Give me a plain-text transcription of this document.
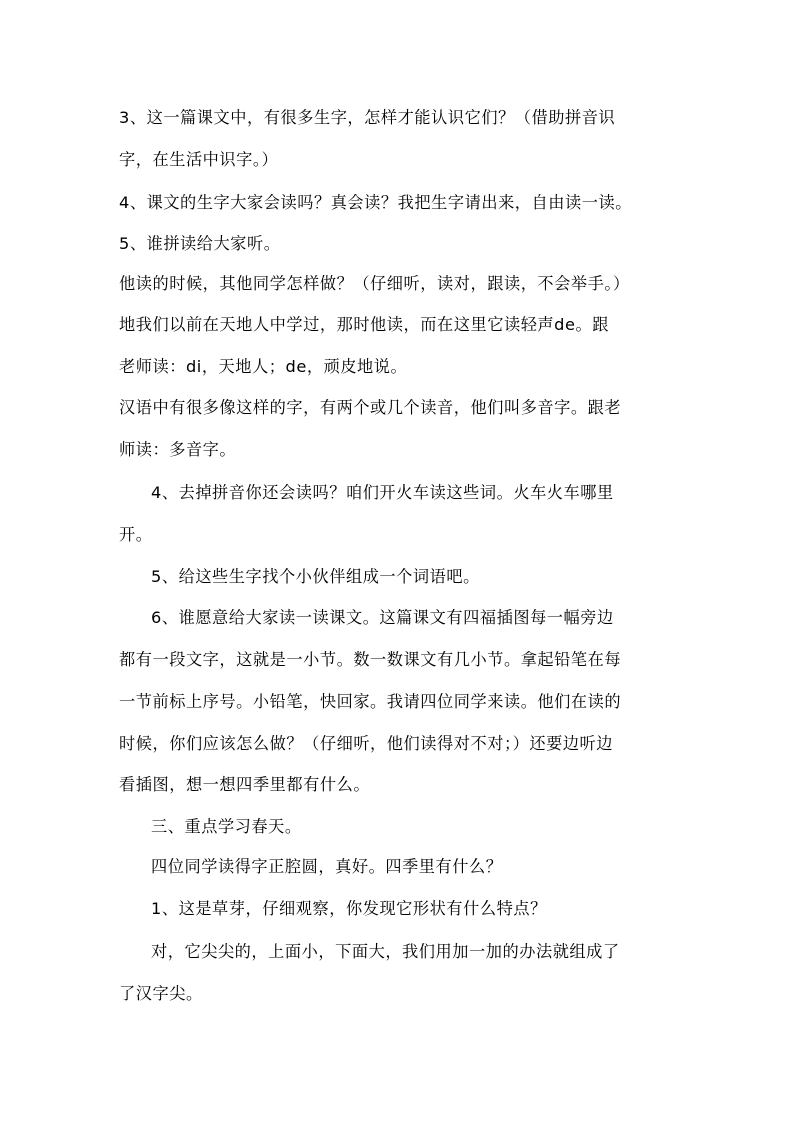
3、这一篇课文中，有很多生字，怎样才能认识它们？（借助拼音识
字，在生活中识字。）
4、课文的生字大家会读吗？真会读？我把生字请出来，自由读一读。
5、谁拼读给大家听。
他读的时候，其他同学怎样做？（仔细听，读对，跟读，不会举手。）
地我们以前在天地人中学过，那时他读，而在这里它读轻声de。跟
老师读：di，天地人；de，顽皮地说。
汉语中有很多像这样的字，有两个或几个读音，他们叫多音字。跟老
师读：多音字。
4、去掉拼音你还会读吗？咱们开火车读这些词。火车火车哪里
开。
5、给这些生字找个小伙伴组成一个词语吧。
6、谁愿意给大家读一读课文。这篇课文有四福插图每一幅旁边
都有一段文字，这就是一小节。数一数课文有几小节。拿起铅笔在每
一节前标上序号。小铅笔，快回家。我请四位同学来读。他们在读的
时候，你们应该怎么做？（仔细听，他们读得对不对；）还要边听边
看插图，想一想四季里都有什么。
三、重点学习春天。
四位同学读得字正腔圆，真好。四季里有什么？
1、这是草芽，仔细观察，你发现它形状有什么特点？
对，它尖尖的，上面小，下面大，我们用加一加的办法就组成了
了汉字尖。
